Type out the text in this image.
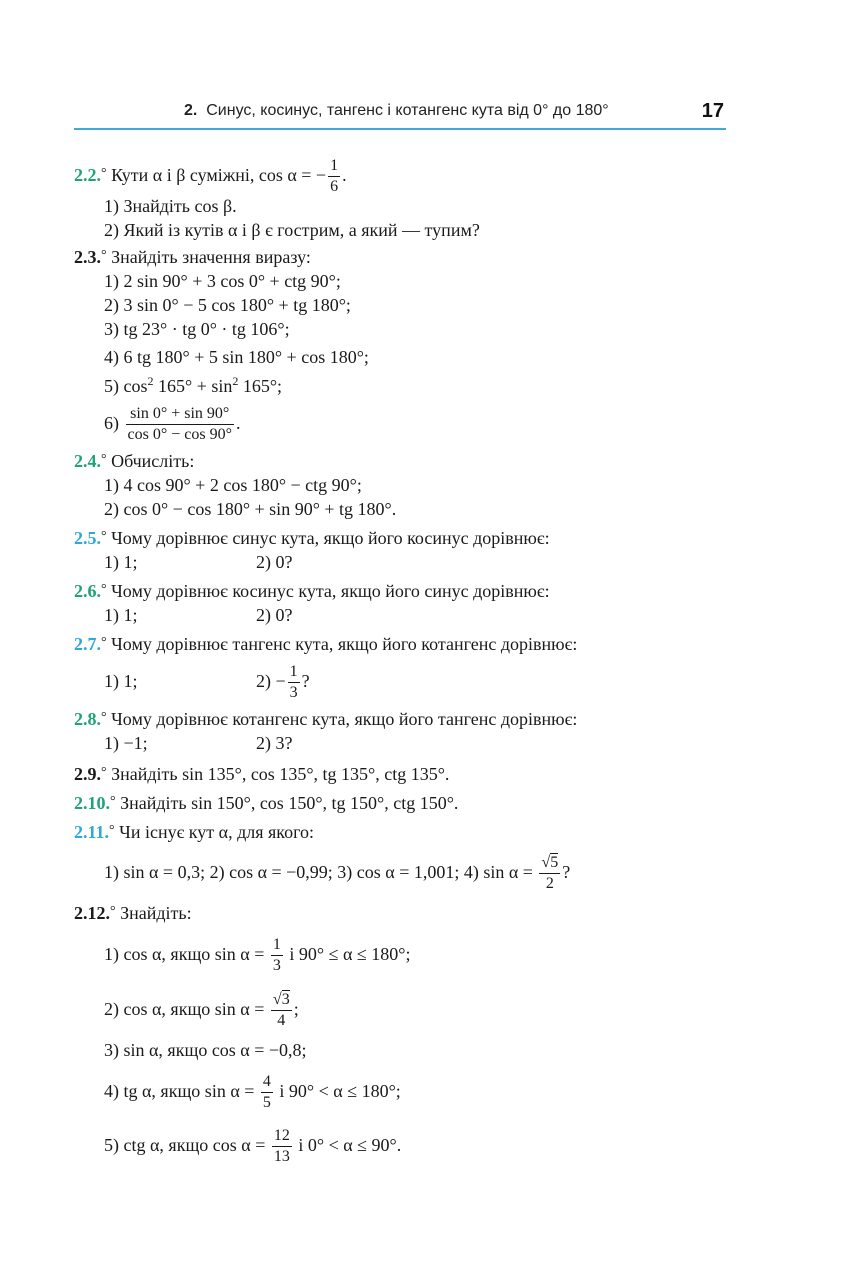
2. Синус, косинус, тангенс і котангенс кута від 0° до 180°	17
2.2.° Кути α і β суміжні, cos α = − $\frac{1}{6}$ .
1) Знайдіть cos β.
2) Який із кутів α і β є гострим, а який — тупим?
2.3.° Знайдіть значення виразу:
1) 2 sin 90° + 3 cos 0° + ctg 90°;
2) 3 sin 0° − 5 cos 180° + tg 180°;
3) tg 23° · tg 0° · tg 106°;
4) 6 tg 180° + 5 sin 180° + cos 180°;
5) $\cos^2 165^\circ + \sin^2 165^\circ$;
$6) \frac{\sin 0^\circ + \sin 90^\circ}{\cos 0^\circ - \cos 90^\circ}$ .
2.4.° Обчисліть:
1) 4 cos 90° + 2 cos 180° − ctg 90°;
2) cos 0° − cos 180° + sin 90° + tg 180°.
2.5.° Чому дорівнює синус кута, якщо його косинус дорівнює:
1) 1;	2) 0?
2.6.° Чому дорівнює косинус кута, якщо його синус дорівнює:
1) 1;	2) 0?
2.7.° Чому дорівнює тангенс кута, якщо його котангенс дорівнює:
1) 1;	$2) - \frac{1}{3}$ ?
2.8.° Чому дорівнює котангенс кута, якщо його тангенс дорівнює:
1) −1;	2) 3?
2.9.° Знайдіть sin 135°, cos 135°, tg 135°, ctg 135°.
2.10.° Знайдіть sin 150°, cos 150°, tg 150°, ctg 150°.
2.11.° Чи існує кут α, для якого:
1) sin α = 0,3; 2) cos α = −0,99; 3) cos α = 1,001; 4) $\sin \alpha = \frac{√5}{2}$ ?
2.12.° Знайдіть:
1) cos α, якщо $\sin \alpha = \frac{1}{3}$ і 90° ≤ α ≤ 180°;
2) cos α, якщо $\sin \alpha = \frac{√3}{4}$ ;
3) sin α, якщо cos α = −0,8;
4) tg α, якщо $\sin \alpha = \frac{4}{5}$ і 90° < α ≤ 180°;
5) ctg α, якщо $\cos \alpha = \frac{12}{13}$ і 0° < α ≤ 90°.
